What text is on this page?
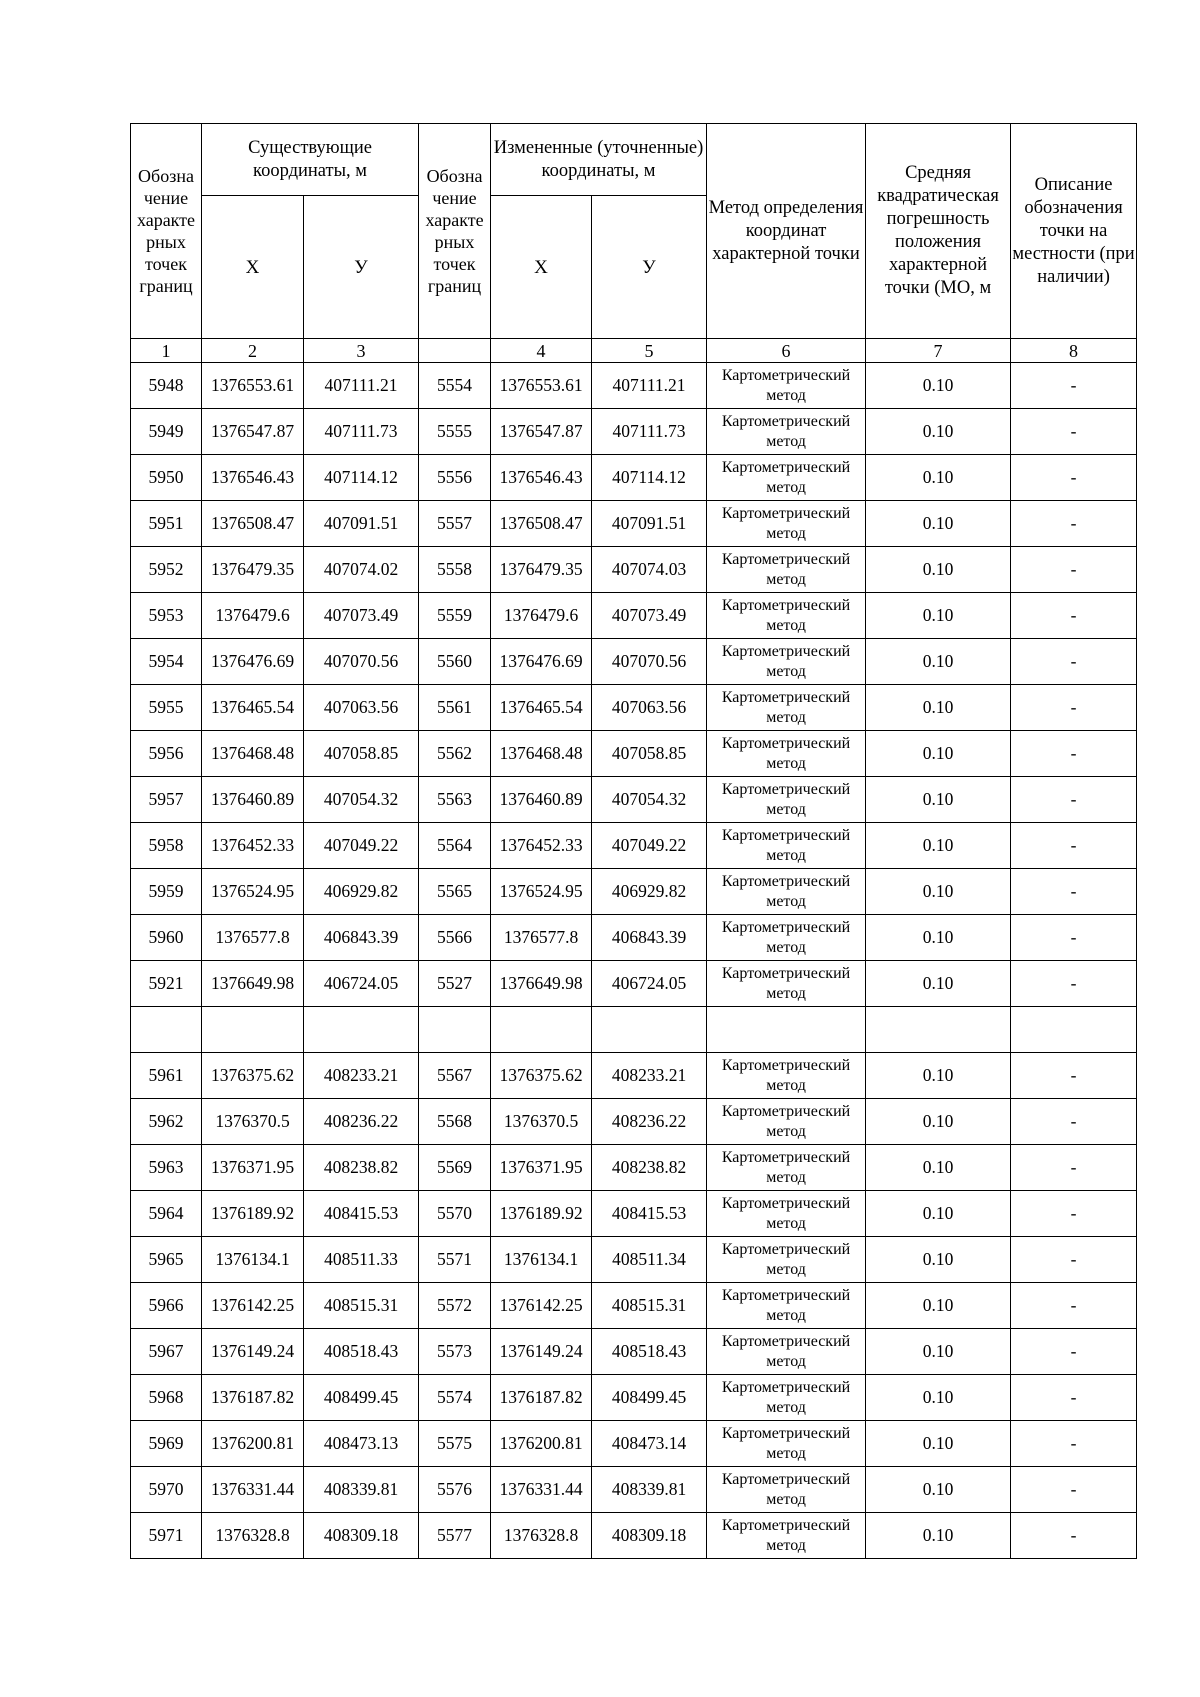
Обозна чение характе рных точек границ	Существующие координаты, м		Обозна чение характе рных точек границ	Измененные (уточненные) координаты, м		Метод определения координат характерной точки	Средняя квадратическая погрешность положения характерной точки (МО, м	Описание обозначения точки на местности (при наличии)
	X	У		X	У			
1	2	3		4	5	6	7	8
5948	1376553.61	407111.21	5554	1376553.61	407111.21	Картометрический метод	0.10	-
5949	1376547.87	407111.73	5555	1376547.87	407111.73	Картометрический метод	0.10	-
5950	1376546.43	407114.12	5556	1376546.43	407114.12	Картометрический метод	0.10	-
5951	1376508.47	407091.51	5557	1376508.47	407091.51	Картометрический метод	0.10	-
5952	1376479.35	407074.02	5558	1376479.35	407074.03	Картометрический метод	0.10	-
5953	1376479.6	407073.49	5559	1376479.6	407073.49	Картометрический метод	0.10	-
5954	1376476.69	407070.56	5560	1376476.69	407070.56	Картометрический метод	0.10	-
5955	1376465.54	407063.56	5561	1376465.54	407063.56	Картометрический метод	0.10	-
5956	1376468.48	407058.85	5562	1376468.48	407058.85	Картометрический метод	0.10	-
5957	1376460.89	407054.32	5563	1376460.89	407054.32	Картометрический метод	0.10	-
5958	1376452.33	407049.22	5564	1376452.33	407049.22	Картометрический метод	0.10	-
5959	1376524.95	406929.82	5565	1376524.95	406929.82	Картометрический метод	0.10	-
5960	1376577.8	406843.39	5566	1376577.8	406843.39	Картометрический метод	0.10	-
5921	1376649.98	406724.05	5527	1376649.98	406724.05	Картометрический метод	0.10	-

5961	1376375.62	408233.21	5567	1376375.62	408233.21	Картометрический метод	0.10	-
5962	1376370.5	408236.22	5568	1376370.5	408236.22	Картометрический метод	0.10	-
5963	1376371.95	408238.82	5569	1376371.95	408238.82	Картометрический метод	0.10	-
5964	1376189.92	408415.53	5570	1376189.92	408415.53	Картометрический метод	0.10	-
5965	1376134.1	408511.33	5571	1376134.1	408511.34	Картометрический метод	0.10	-
5966	1376142.25	408515.31	5572	1376142.25	408515.31	Картометрический метод	0.10	-
5967	1376149.24	408518.43	5573	1376149.24	408518.43	Картометрический метод	0.10	-
5968	1376187.82	408499.45	5574	1376187.82	408499.45	Картометрический метод	0.10	-
5969	1376200.81	408473.13	5575	1376200.81	408473.14	Картометрический метод	0.10	-
5970	1376331.44	408339.81	5576	1376331.44	408339.81	Картометрический метод	0.10	-
5971	1376328.8	408309.18	5577	1376328.8	408309.18	Картометрический метод	0.10	-
